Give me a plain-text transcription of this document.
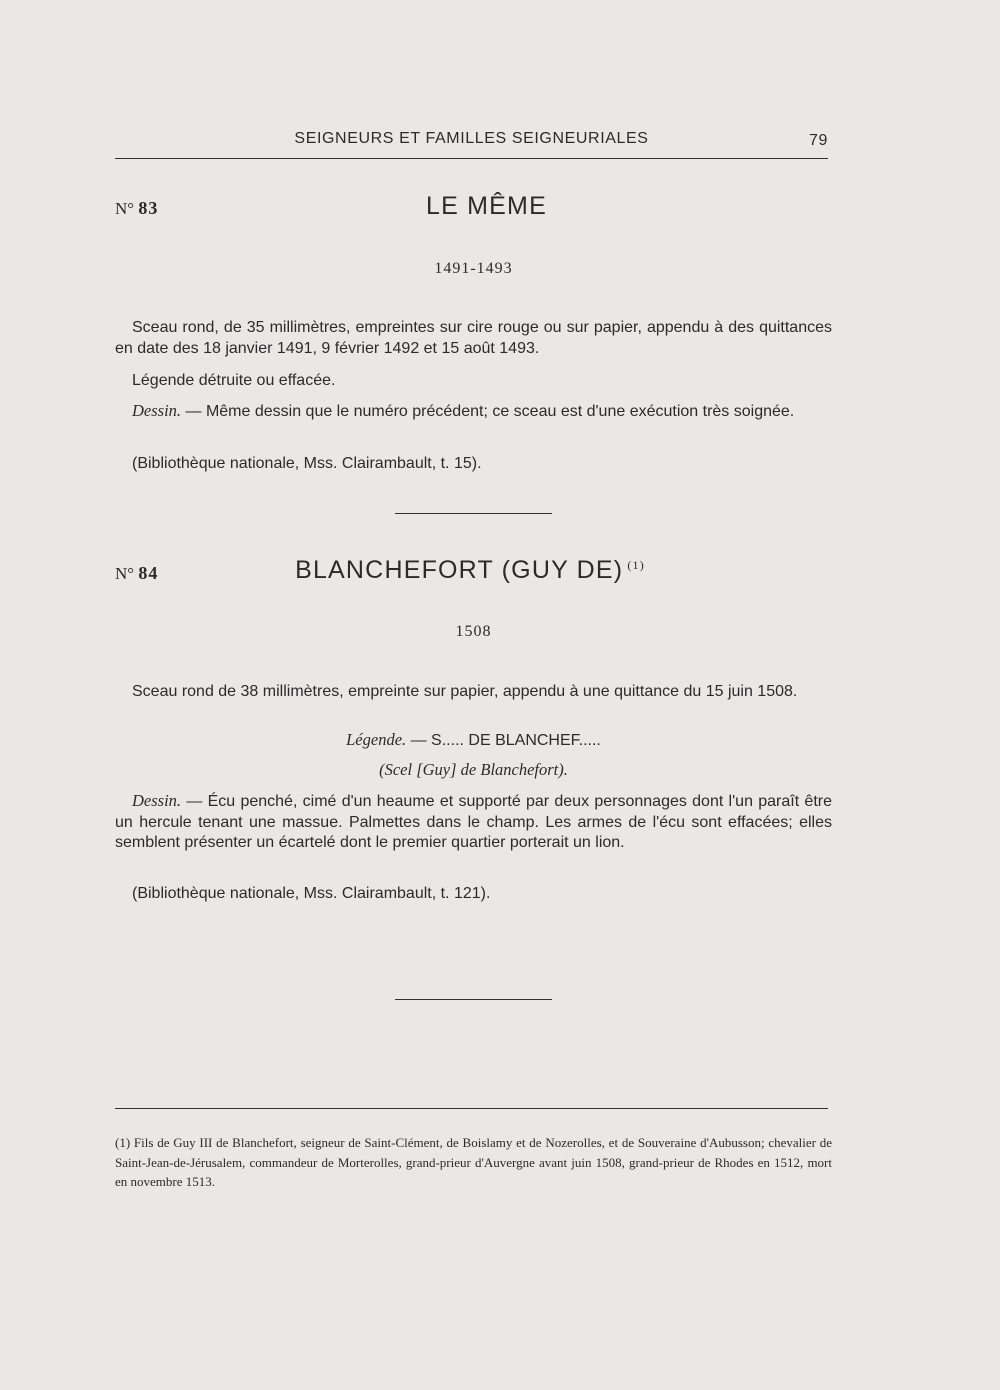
SEIGNEURS ET FAMILLES SEIGNEURIALES	79
N° 83	LE MÊME
1491-1493
Sceau rond, de 35 millimètres, empreintes sur cire rouge ou sur papier, appendu à des quittances en date des 18 janvier 1491, 9 février 1492 et 15 août 1493.
Légende détruite ou effacée.
Dessin. — Même dessin que le numéro précédent; ce sceau est d'une exécution très soignée.
(Bibliothèque nationale, Mss. Clairambault, t. 15).
N° 84	BLANCHEFORT (GUY DE) $^{(1)}$
1508
Sceau rond de 38 millimètres, empreinte sur papier, appendu à une quittance du 15 juin 1508.
Légende. — S..... DE BLANCHEF.....
(Scel [Guy] de Blanchefort).
Dessin. — Écu penché, cimé d'un heaume et supporté par deux personnages dont l'un paraît être un hercule tenant une massue. Palmettes dans le champ. Les armes de l'écu sont effacées; elles semblent présenter un écartelé dont le premier quartier porterait un lion.
(Bibliothèque nationale, Mss. Clairambault, t. 121).
(1) Fils de Guy III de Blanchefort, seigneur de Saint-Clément, de Boislamy et de Nozerolles, et de Souveraine d'Aubusson; chevalier de Saint-Jean-de-Jérusalem, commandeur de Morterolles, grand-prieur d'Auvergne avant juin 1508, grand-prieur de Rhodes en 1512, mort en novembre 1513.
